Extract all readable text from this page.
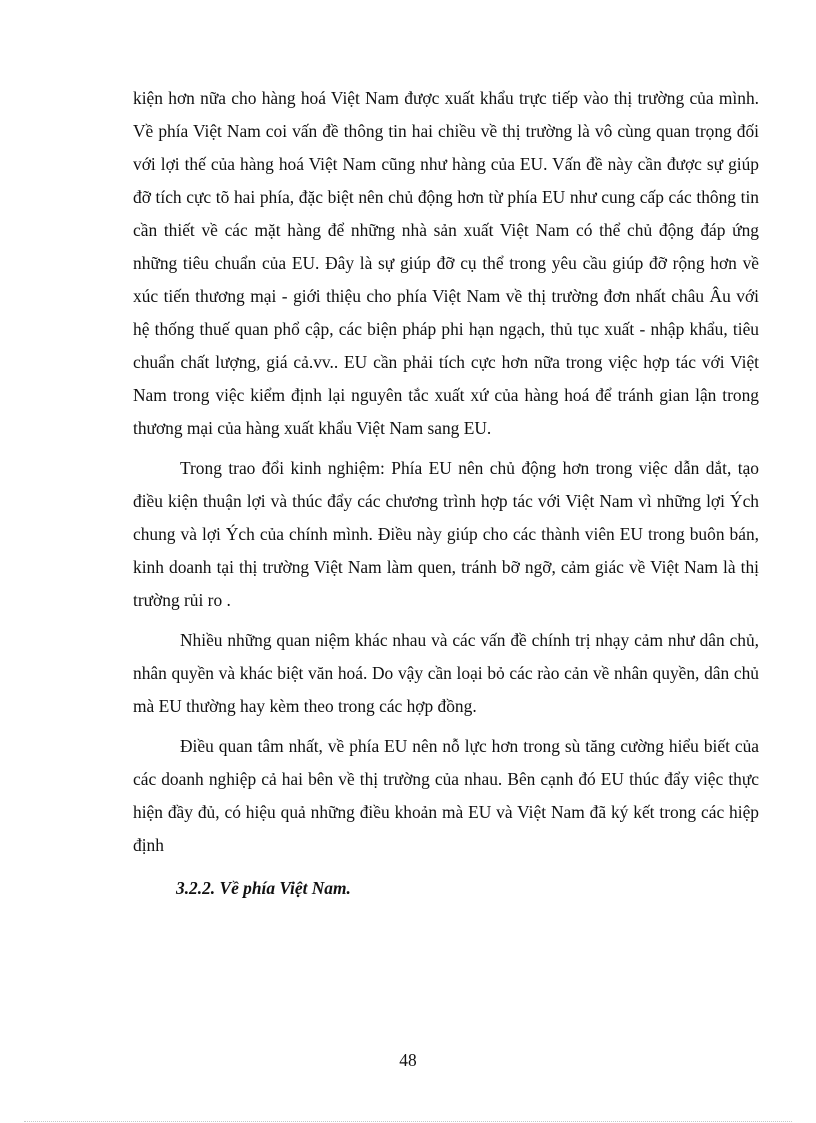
kiện hơn nữa cho hàng hoá Việt Nam được xuất khẩu trực tiếp vào thị trường của mình. Về phía Việt Nam coi vấn đề thông tin hai chiều về thị trường là vô cùng quan trọng đối với lợi thế của hàng hoá Việt Nam cũng như hàng của EU. Vấn đề này cần được sự giúp đỡ tích cực tõ hai phía, đặc biệt nên chủ động hơn từ phía EU như cung cấp các thông tin cần thiết về các mặt hàng để những nhà sản xuất Việt Nam có thể chủ động đáp ứng những tiêu chuẩn của EU. Đây là sự giúp đỡ cụ thể trong yêu cầu giúp đỡ rộng hơn về xúc tiến thương mại - giới thiệu cho phía Việt Nam về thị trường đơn nhất châu Âu với hệ thống thuế quan phổ cập, các biện pháp phi hạn ngạch, thủ tục xuất - nhập khẩu, tiêu chuẩn chất lượng, giá cả.vv.. EU cần phải tích cực hơn nữa trong việc hợp tác với Việt Nam trong việc kiểm định lại nguyên tắc xuất xứ của hàng hoá để tránh gian lận trong thương mại của hàng xuất khẩu Việt Nam sang EU.

Trong trao đổi kinh nghiệm: Phía EU nên chủ động hơn trong việc dẫn dắt, tạo điều kiện thuận lợi và thúc đẩy các chương trình hợp tác với Việt Nam vì những lợi Ých chung và lợi Ých của chính mình. Điều này giúp cho các thành viên EU trong buôn bán, kinh doanh tại thị trường Việt Nam làm quen, tránh bỡ ngỡ, cảm giác về Việt Nam là thị trường rủi ro .

Nhiều những quan niệm khác nhau và các vấn đề chính trị nhạy cảm như dân chủ, nhân quyền và khác biệt văn hoá. Do vậy cần loại bỏ các rào cản về nhân quyền, dân chủ mà EU thường hay kèm theo trong các hợp đồng.

Điều quan tâm nhất, về phía EU nên nỗ lực hơn trong sù tăng cường hiểu biết của các doanh nghiệp cả hai bên về thị trường của nhau. Bên cạnh đó EU thúc đẩy việc thực hiện đầy đủ, có hiệu quả những điều khoản mà EU và Việt Nam đã ký kết trong các hiệp định

3.2.2. Về phía Việt Nam.

48
